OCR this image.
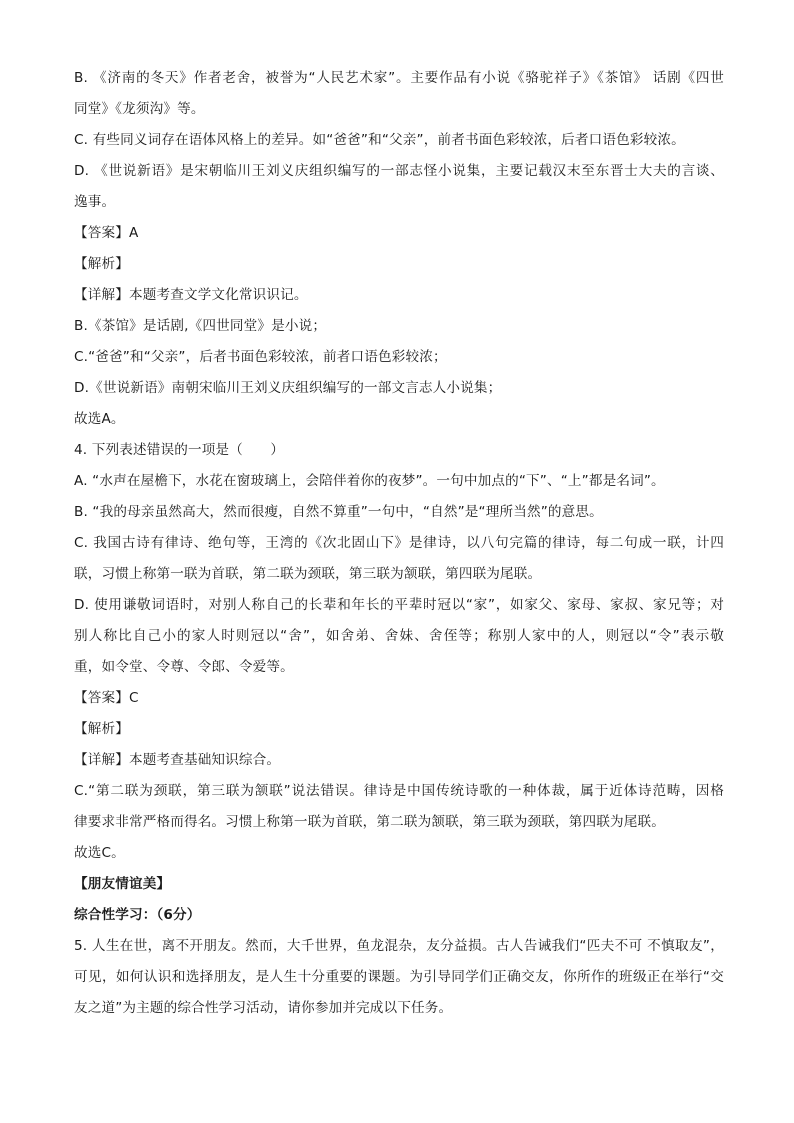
B. 《济南的冬天》作者老舍，被誉为“人民艺术家”。主要作品有小说《骆驼祥子》《茶馆》 话剧《四世
同堂》《龙须沟》等。
C. 有些同义词存在语体风格上的差异。如“爸爸”和“父亲”，前者书面色彩较浓，后者口语色彩较浓。
D. 《世说新语》是宋朝临川王刘义庆组织编写的一部志怪小说集，主要记载汉末至东晋士大夫的言谈、
逸事。
【答案】A
【解析】
【详解】本题考查文学文化常识识记。
B.《茶馆》是话剧,《四世同堂》是小说；
C.“爸爸”和“父亲”，后者书面色彩较浓，前者口语色彩较浓；
D.《世说新语》南朝宋临川王刘义庆组织编写的一部文言志人小说集；
故选A。
4. 下列表述错误的一项是（　　）
A. “水声在屋檐下，水花在窗玻璃上，会陪伴着你的夜梦”。一句中加点的“下”、“上”都是名词”。
B. “我的母亲虽然高大，然而很瘦，自然不算重”一句中，“自然”是“理所当然”的意思。
C. 我国古诗有律诗、绝句等，王湾的《次北固山下》是律诗，以八句完篇的律诗，每二句成一联，计四
联，习惯上称第一联为首联，第二联为颈联，第三联为颔联，第四联为尾联。
D. 使用谦敬词语时，对别人称自己的长辈和年长的平辈时冠以“家”，如家父、家母、家叔、家兄等；对
别人称比自己小的家人时则冠以“舍”，如舍弟、舍妹、舍侄等；称别人家中的人，则冠以“令”表示敬
重，如令堂、令尊、令郎、令爱等。
【答案】C
【解析】
【详解】本题考查基础知识综合。
C.“第二联为颈联，第三联为颔联”说法错误。律诗是中国传统诗歌的一种体裁，属于近体诗范畴，因格
律要求非常严格而得名。习惯上称第一联为首联，第二联为颔联，第三联为颈联，第四联为尾联。
故选C。
【朋友情谊美】
综合性学习：（6分）
5. 人生在世，离不开朋友。然而，大千世界，鱼龙混杂，友分益损。古人告诫我们“匹夫不可 不慎取友”，
可见，如何认识和选择朋友，是人生十分重要的课题。为引导同学们正确交友，你所作的班级正在举行“交
友之道”为主题的综合性学习活动，请你参加并完成以下任务。
